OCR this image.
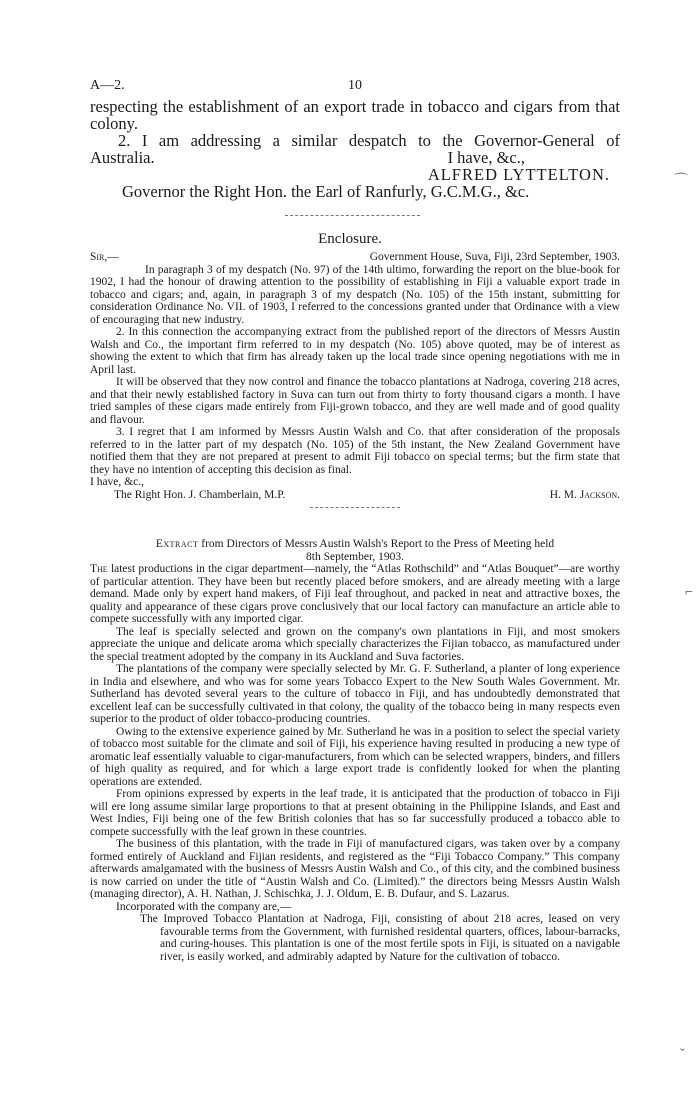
A—2.	10

respecting the establishment of an export trade in tobacco and cigars from that

colony.

2. I am addressing a similar despatch to the Governor-General of

Australia.	I have, &c.,

ALFRED LYTTELTON.

Governor the Right Hon. the Earl of Ranfurly, G.C.M.G., &c.

Enclosure.
Sir,—	Government House, Suva, Fiji, 23rd September, 1903.

In paragraph 3 of my despatch (No. 97) of the 14th ultimo, forwarding the report on the blue-book for 1902, I had the honour of drawing attention to the possibility of establishing in Fiji a valuable export trade in tobacco and cigars; and, again, in paragraph 3 of my despatch (No. 105) of the 15th instant, submitting for consideration Ordinance No. VII. of 1903, I referred to the concessions granted under that Ordinance with a view of encouraging that new industry.

2. In this connection the accompanying extract from the published report of the directors of Messrs Austin Walsh and Co., the important firm referred to in my despatch (No. 105) above quoted, may be of interest as showing the extent to which that firm has already taken up the local trade since opening negotiations with me in April last.

It will be observed that they now control and finance the tobacco plantations at Nadroga, covering 218 acres, and that their newly established factory in Suva can turn out from thirty to forty thousand cigars a month. I have tried samples of these cigars made entirely from Fiji-grown tobacco, and they are well made and of good quality and flavour.

3. I regret that I am informed by Messrs Austin Walsh and Co. that after consideration of the proposals referred to in the latter part of my despatch (No. 105) of the 5th instant, the New Zealand Government have notified them that they are not prepared at present to admit Fiji tobacco on special terms; but the firm state that they have no intention of accepting this decision as final.

I have, &c.,

The Right Hon. J. Chamberlain, M.P.	H. M. Jackson.
Extract from Directors of Messrs Austin Walsh's Report to the Press of Meeting held
8th September, 1903.

The latest productions in the cigar department—namely, the “Atlas Rothschild” and “Atlas Bouquet”—are worthy of particular attention. They have been but recently placed before smokers, and are already meeting with a large demand. Made only by expert hand makers, of Fiji leaf throughout, and packed in neat and attractive boxes, the quality and appearance of these cigars prove conclusively that our local factory can manufacture an article able to compete successfully with any imported cigar.

The leaf is specially selected and grown on the company's own plantations in Fiji, and most smokers appreciate the unique and delicate aroma which specially characterizes the Fijian tobacco, as manufactured under the special treatment adopted by the company in its Auckland and Suva factories.

The plantations of the company were specially selected by Mr. G. F. Sutherland, a planter of long experience in India and elsewhere, and who was for some years Tobacco Expert to the New South Wales Government. Mr. Sutherland has devoted several years to the culture of tobacco in Fiji, and has undoubtedly demonstrated that excellent leaf can be successfully cultivated in that colony, the quality of the tobacco being in many respects even superior to the product of older tobacco-producing countries.

Owing to the extensive experience gained by Mr. Sutherland he was in a position to select the special variety of tobacco most suitable for the climate and soil of Fiji, his experience having resulted in producing a new type of aromatic leaf essentially valuable to cigar-manufacturers, from which can be selected wrappers, binders, and fillers of high quality as required, and for which a large export trade is confidently looked for when the planting operations are extended.

From opinions expressed by experts in the leaf trade, it is anticipated that the production of tobacco in Fiji will ere long assume similar large proportions to that at present obtaining in the Philippine Islands, and East and West Indies, Fiji being one of the few British colonies that has so far successfully produced a tobacco able to compete successfully with the leaf grown in these countries.

The business of this plantation, with the trade in Fiji of manufactured cigars, was taken over by a company formed entirely of Auckland and Fijian residents, and registered as the “Fiji Tobacco Company.” This company afterwards amalgamated with the business of Messrs Austin Walsh and Co., of this city, and the combined business is now carried on under the title of “Austin Walsh and Co. (Limited).” the directors being Messrs Austin Walsh (managing director), A. H. Nathan, J. Schischka, J. J. Oldum, E. B. Dufaur, and S. Lazarus.

Incorporated with the company are,—

The Improved Tobacco Plantation at Nadroga, Fiji, consisting of about 218 acres, leased on very favourable terms from the Government, with furnished residental quarters, offices, labour-barracks, and curing-houses. This plantation is one of the most fertile spots in Fiji, is situated on a navigable river, is easily worked, and admirably adapted by Nature for the cultivation of tobacco.

⌒
⌐
ˇ
